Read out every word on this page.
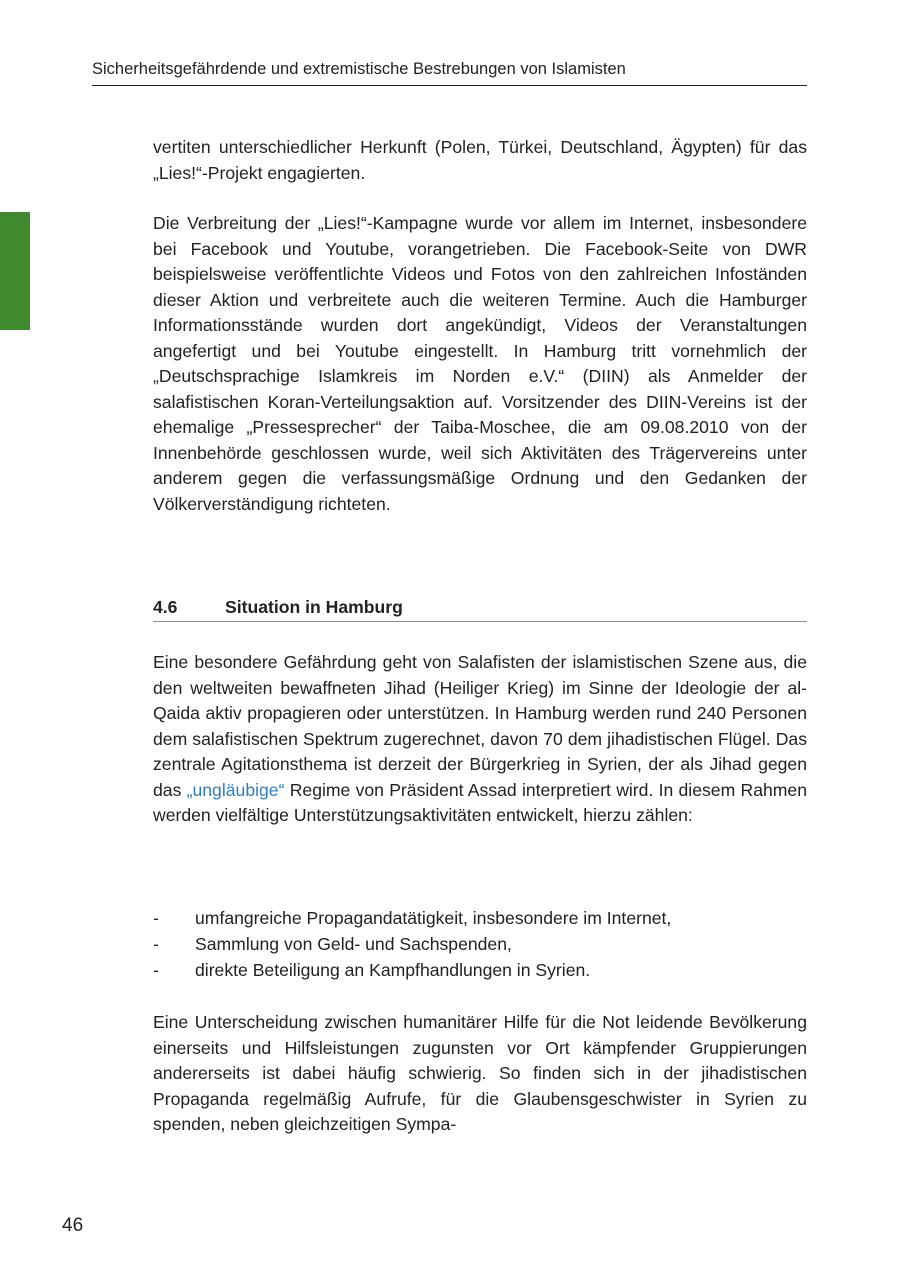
Sicherheitsgefährdende und extremistische Bestrebungen von Islamisten

vertiten unterschiedlicher Herkunft (Polen, Türkei, Deutschland, Ägypten) für das „Lies!“-Projekt engagierten.

Die Verbreitung der „Lies!“-Kampagne wurde vor allem im Internet, insbesondere bei Facebook und Youtube, vorangetrieben. Die Facebook-Seite von DWR beispielsweise veröffentlichte Videos und Fotos von den zahlreichen Infoständen dieser Aktion und verbreitete auch die weiteren Termine. Auch die Hamburger Informationsstände wurden dort angekündigt, Videos der Veranstaltungen angefertigt und bei Youtube eingestellt. In Hamburg tritt vornehmlich der „Deutschsprachige Islamkreis im Norden e.V.“ (DIIN) als Anmelder der salafistischen Koran-Verteilungsaktion auf. Vorsitzender des DIIN-Vereins ist der ehemalige „Pressesprecher“ der Taiba-Moschee, die am 09.08.2010 von der Innenbehörde geschlossen wurde, weil sich Aktivitäten des Trägervereins unter anderem gegen die verfassungsmäßige Ordnung und den Gedanken der Völkerverständigung richteten.

4.6	Situation in Hamburg

Eine besondere Gefährdung geht von Salafisten der islamistischen Szene aus, die den weltweiten bewaffneten Jihad (Heiliger Krieg) im Sinne der Ideologie der al-Qaida aktiv propagieren oder unterstützen. In Hamburg werden rund 240 Personen dem salafistischen Spektrum zugerechnet, davon 70 dem jihadistischen Flügel. Das zentrale Agitationsthema ist derzeit der Bürgerkrieg in Syrien, der als Jihad gegen das „ungläubige“ Regime von Präsident Assad interpretiert wird. In diesem Rahmen werden vielfältige Unterstützungsaktivitäten entwickelt, hierzu zählen:

- umfangreiche Propagandatätigkeit, insbesondere im Internet,
- Sammlung von Geld- und Sachspenden,
- direkte Beteiligung an Kampfhandlungen in Syrien.

Eine Unterscheidung zwischen humanitärer Hilfe für die Not leidende Bevölkerung einerseits und Hilfsleistungen zugunsten vor Ort kämpfender Gruppierungen andererseits ist dabei häufig schwierig. So finden sich in der jihadistischen Propaganda regelmäßig Aufrufe, für die Glaubensgeschwister in Syrien zu spenden, neben gleichzeitigen Sympa-

46
